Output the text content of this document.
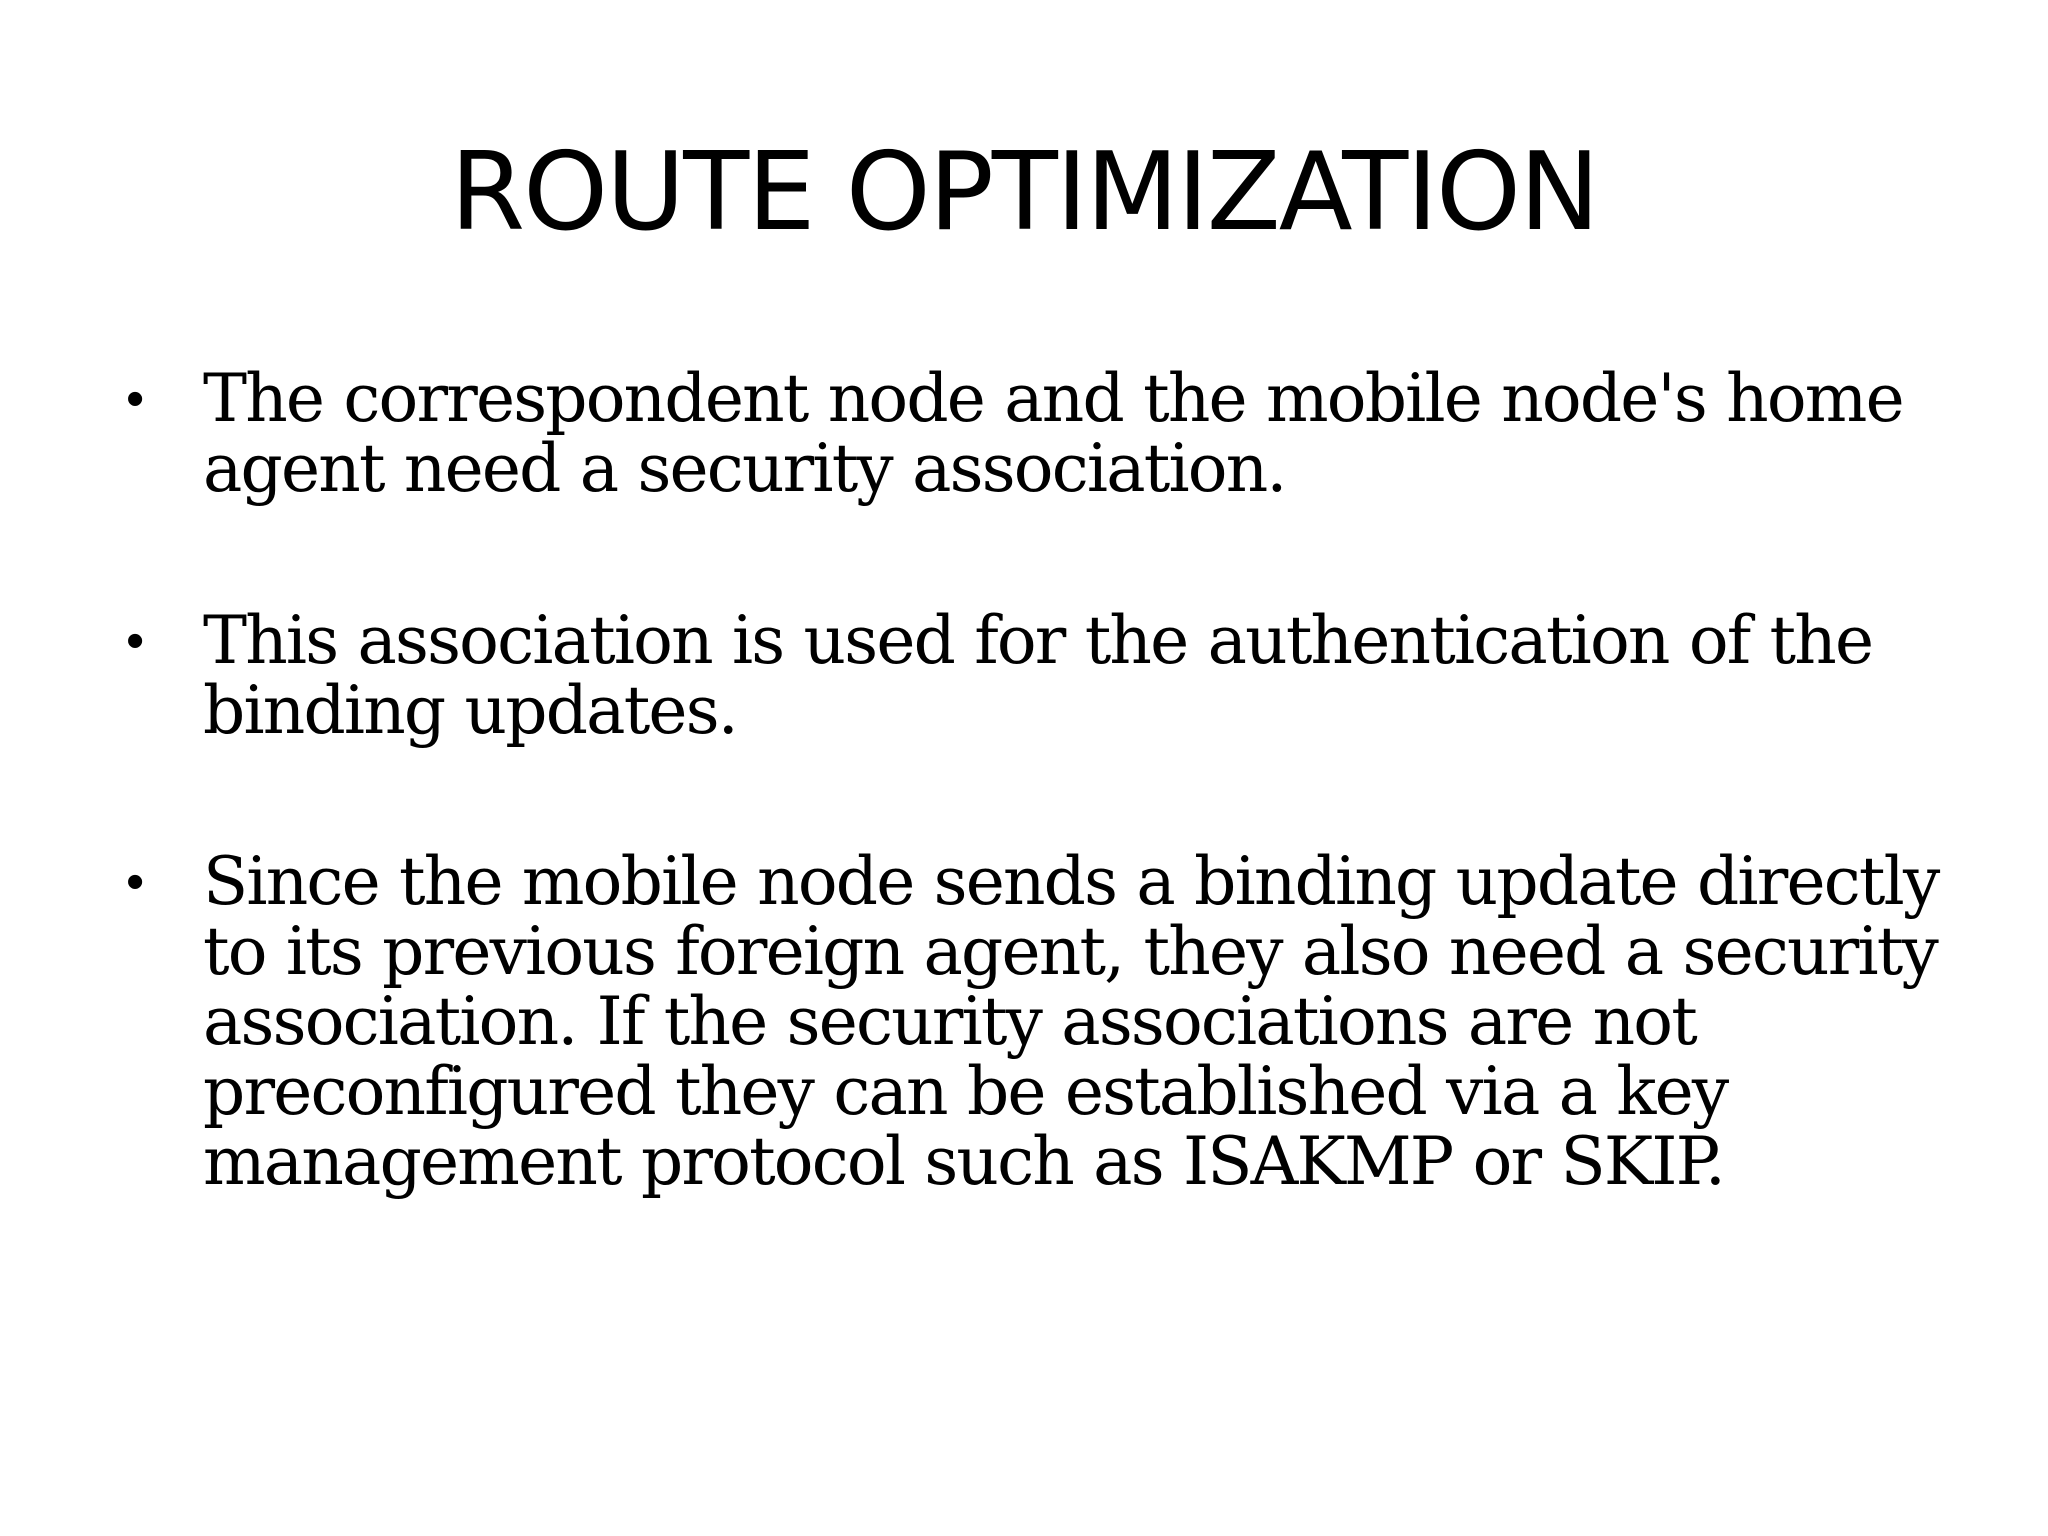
ROUTE OPTIMIZATION
• The correspondent node and the mobile node's home agent need a security association.
• This association is used for the authentication of the binding updates.
• Since the mobile node sends a binding update directly to its previous foreign agent, they also need a security association. If the security associations are not preconfigured they can be established via a key management protocol such as ISAKMP or SKIP.
